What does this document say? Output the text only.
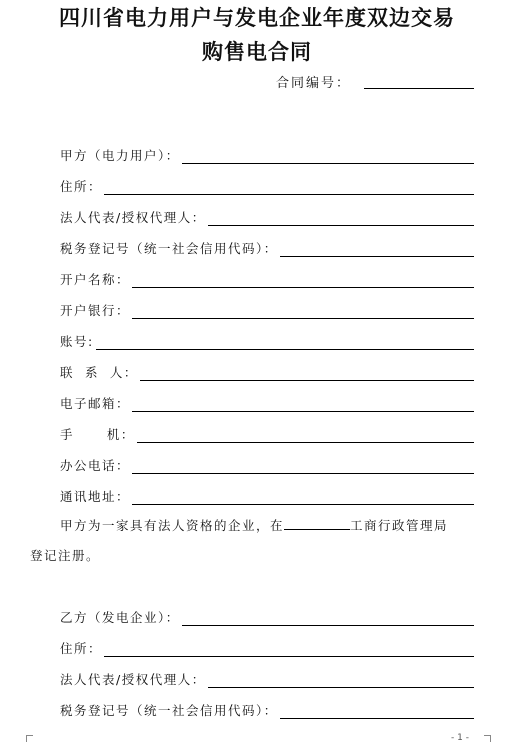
四川省电力用户与发电企业年度双边交易
购售电合同
合同编号：
甲方（电力用户）：
住所：
法人代表/授权代理人：
税务登记号（统一社会信用代码）：
开户名称：
开户银行：
账号:
联  系  人：
电子邮箱：
手      机：
办公电话：
通讯地址：
甲方为一家具有法人资格的企业，在	工商行政管理局
登记注册。
乙方（发电企业）：
住所：
法人代表/授权代理人：
税务登记号（统一社会信用代码）：
- 1 -
